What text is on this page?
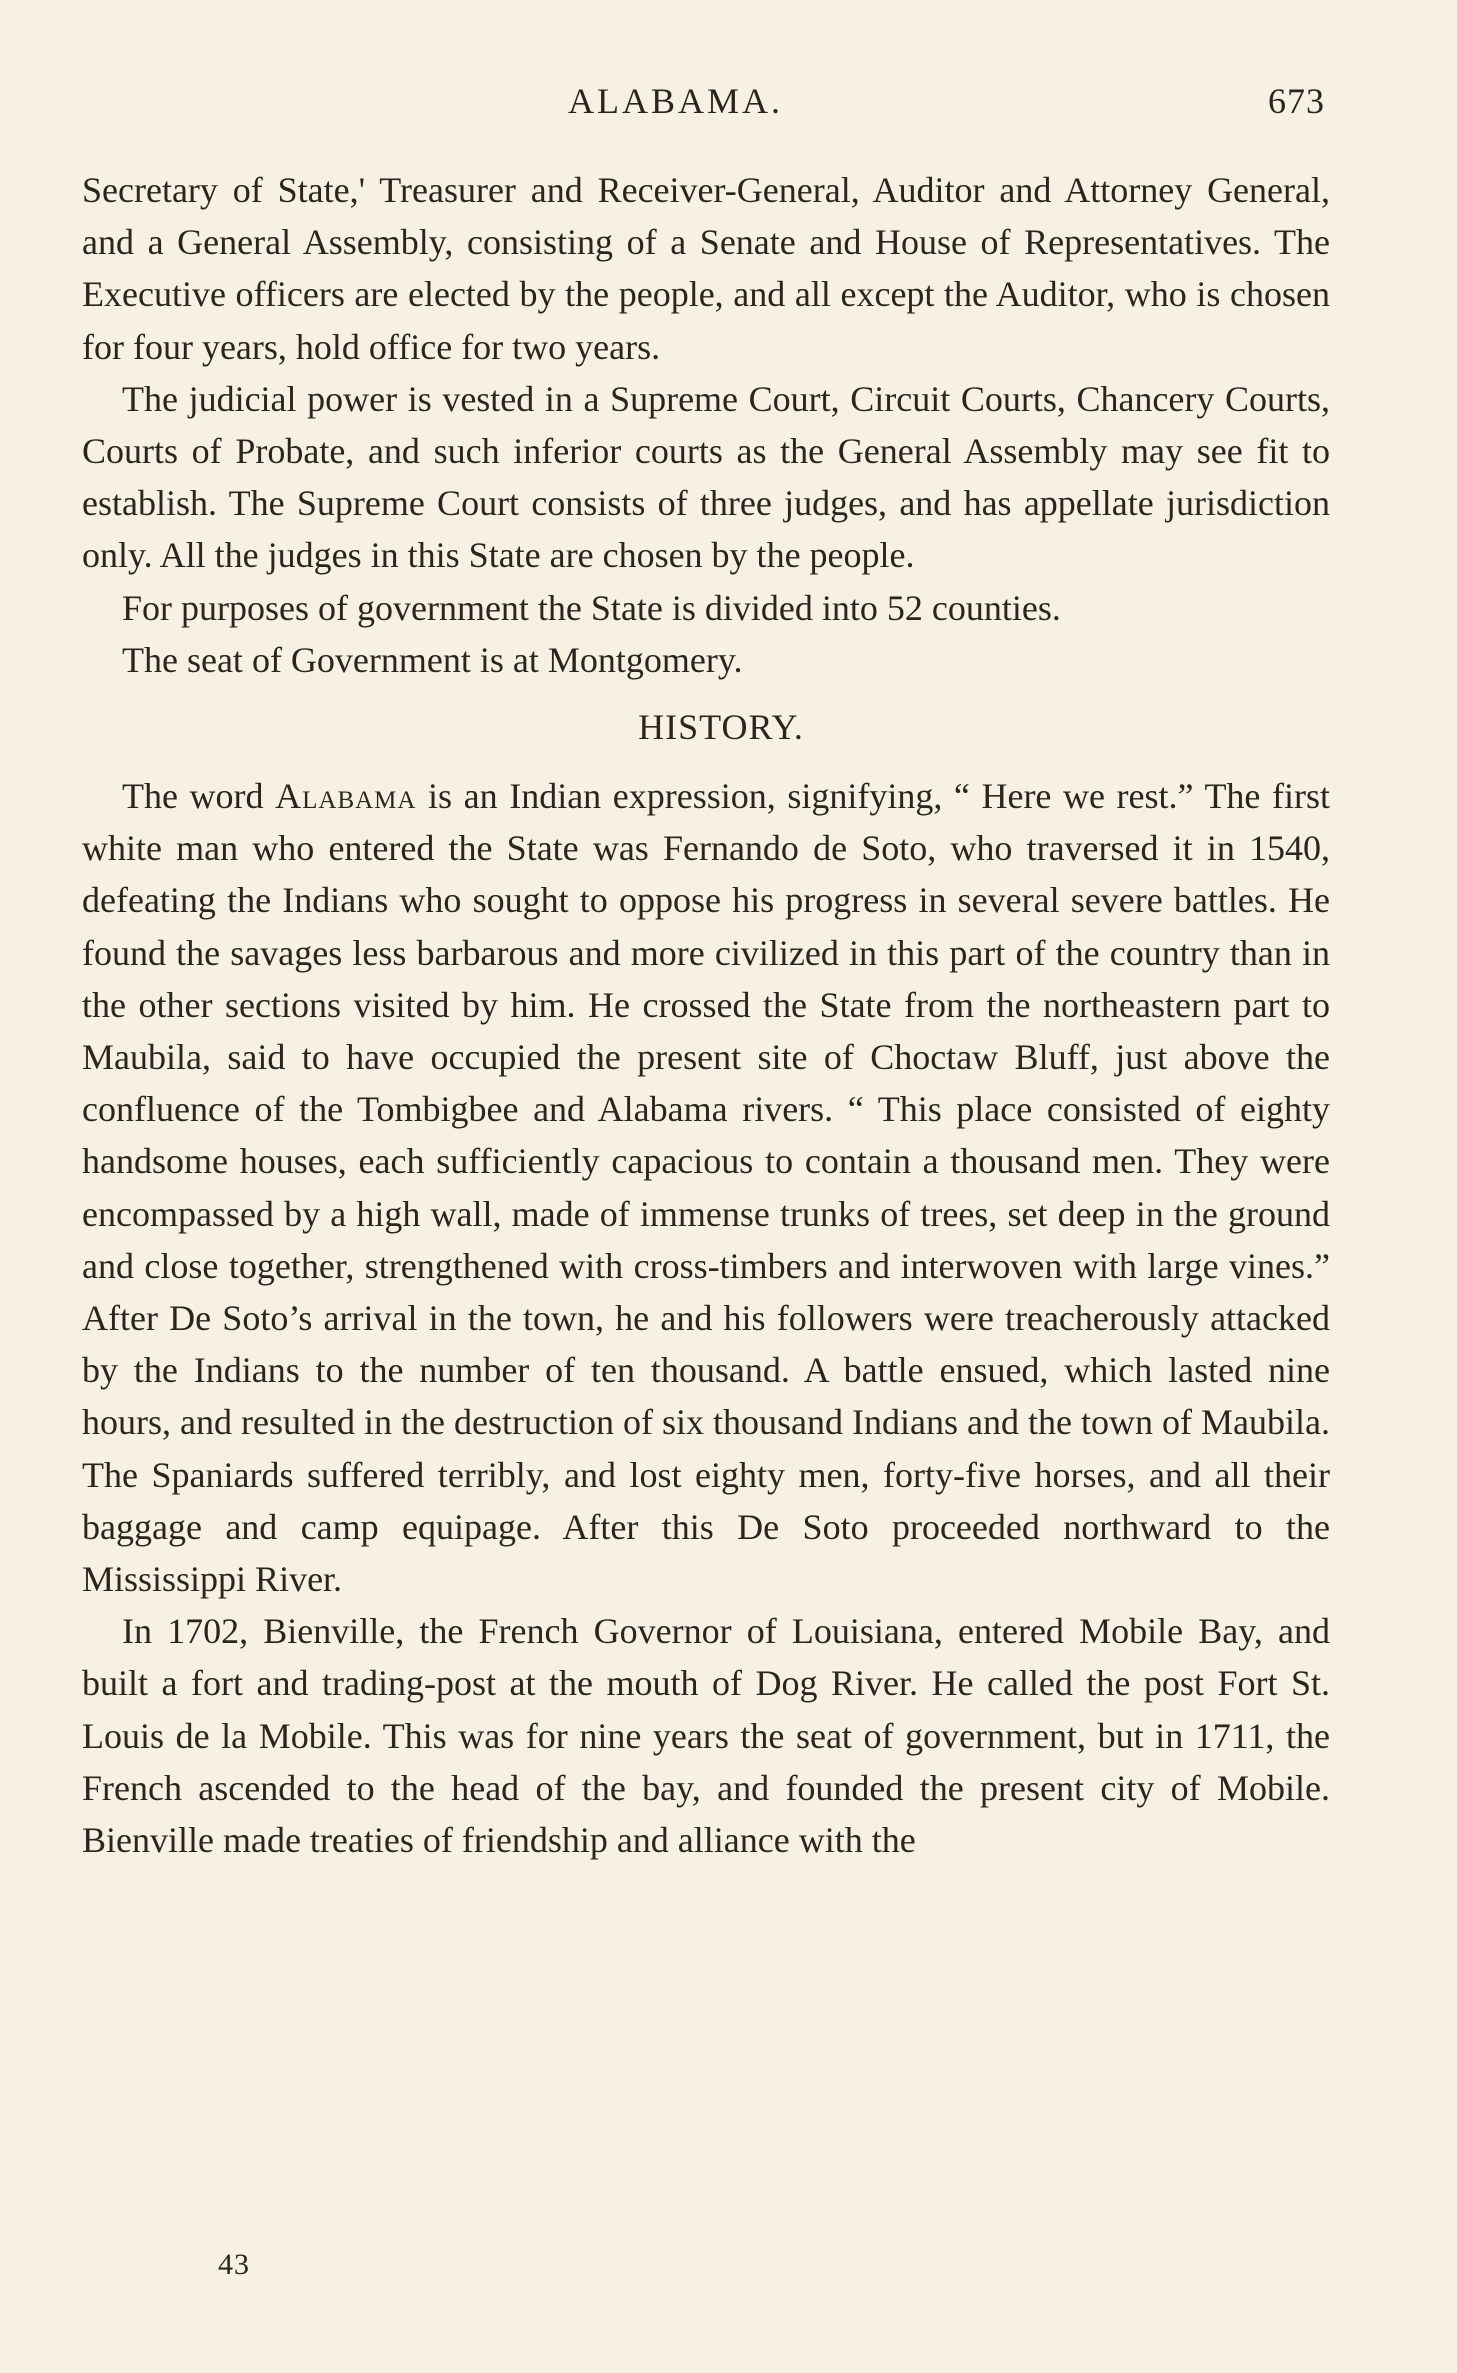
ALABAMA.	673

Secretary of State,' Treasurer and Receiver-General, Auditor and Attorney General, and a General Assembly, consisting of a Senate and House of Representatives. The Executive officers are elected by the people, and all except the Auditor, who is chosen for four years, hold office for two years.

The judicial power is vested in a Supreme Court, Circuit Courts, Chancery Courts, Courts of Probate, and such inferior courts as the General Assembly may see fit to establish. The Supreme Court consists of three judges, and has appellate jurisdiction only. All the judges in this State are chosen by the people.

For purposes of government the State is divided into 52 counties.

The seat of Government is at Montgomery.

HISTORY.

The word Alabama is an Indian expression, signifying, “ Here we rest.” The first white man who entered the State was Fernando de Soto, who traversed it in 1540, defeating the Indians who sought to oppose his progress in several severe battles. He found the savages less barbarous and more civilized in this part of the country than in the other sections visited by him. He crossed the State from the northeastern part to Maubila, said to have occupied the present site of Choctaw Bluff, just above the confluence of the Tombigbee and Alabama rivers. “ This place consisted of eighty handsome houses, each sufficiently capacious to contain a thousand men. They were encompassed by a high wall, made of immense trunks of trees, set deep in the ground and close together, strengthened with cross-timbers and interwoven with large vines.” After De Soto’s arrival in the town, he and his followers were treacherously attacked by the Indians to the number of ten thousand. A battle ensued, which lasted nine hours, and resulted in the destruction of six thousand Indians and the town of Maubila. The Spaniards suffered terribly, and lost eighty men, forty-five horses, and all their baggage and camp equipage. After this De Soto proceeded northward to the Mississippi River.

In 1702, Bienville, the French Governor of Louisiana, entered Mobile Bay, and built a fort and trading-post at the mouth of Dog River. He called the post Fort St. Louis de la Mobile. This was for nine years the seat of government, but in 1711, the French ascended to the head of the bay, and founded the present city of Mobile. Bienville made treaties of friendship and alliance with the

43
